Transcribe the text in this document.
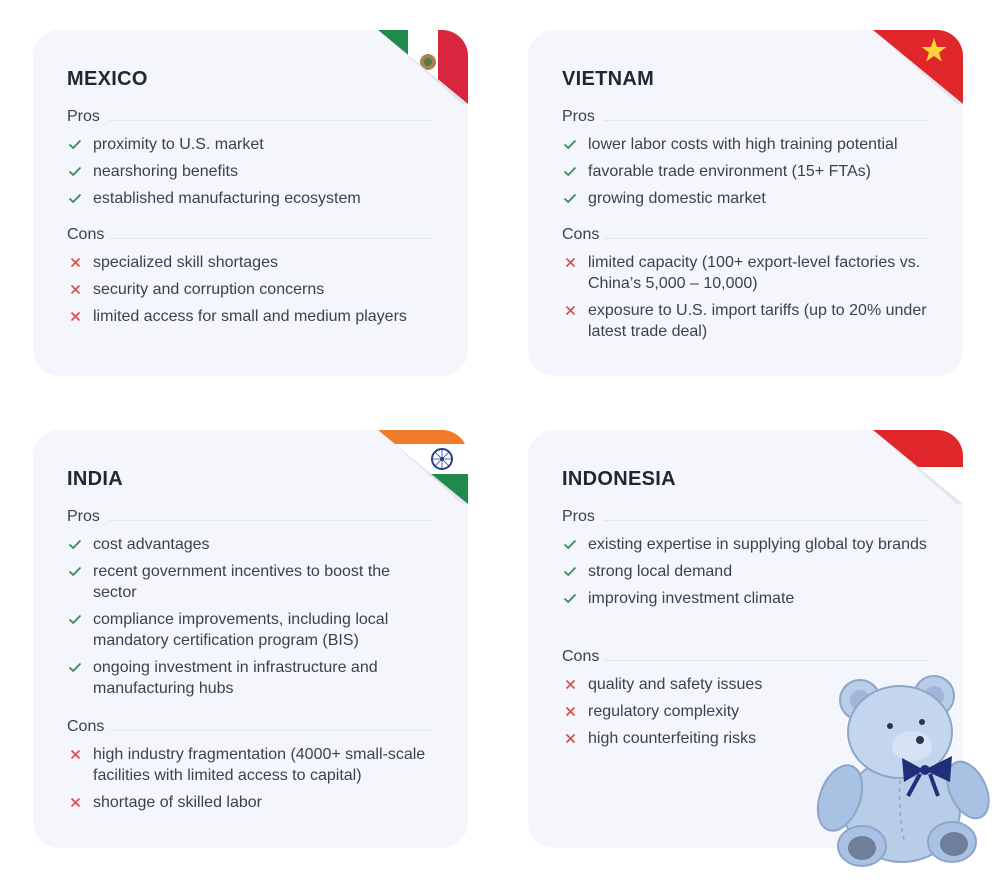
MEXICO
Pros
proximity to U.S. market
nearshoring benefits
established manufacturing ecosystem
Cons
specialized skill shortages
security and corruption concerns
limited access for small and medium players
VIETNAM
Pros
lower labor costs with high training potential
favorable trade environment (15+ FTAs)
growing domestic market
Cons
limited capacity (100+ export-level factories vs. China’s 5,000 – 10,000)
exposure to U.S. import tariffs (up to 20% under latest trade deal)
INDIA
Pros
cost advantages
recent government incentives to boost the sector
compliance improvements, including local mandatory certification program (BIS)
ongoing investment in infrastructure and manufacturing hubs
Cons
high industry fragmentation (4000+ small-scale facilities with limited access to capital)
shortage of skilled labor
INDONESIA
Pros
existing expertise in supplying global toy brands
strong local demand
improving investment climate
Cons
quality and safety issues
regulatory complexity
high counterfeiting risks
